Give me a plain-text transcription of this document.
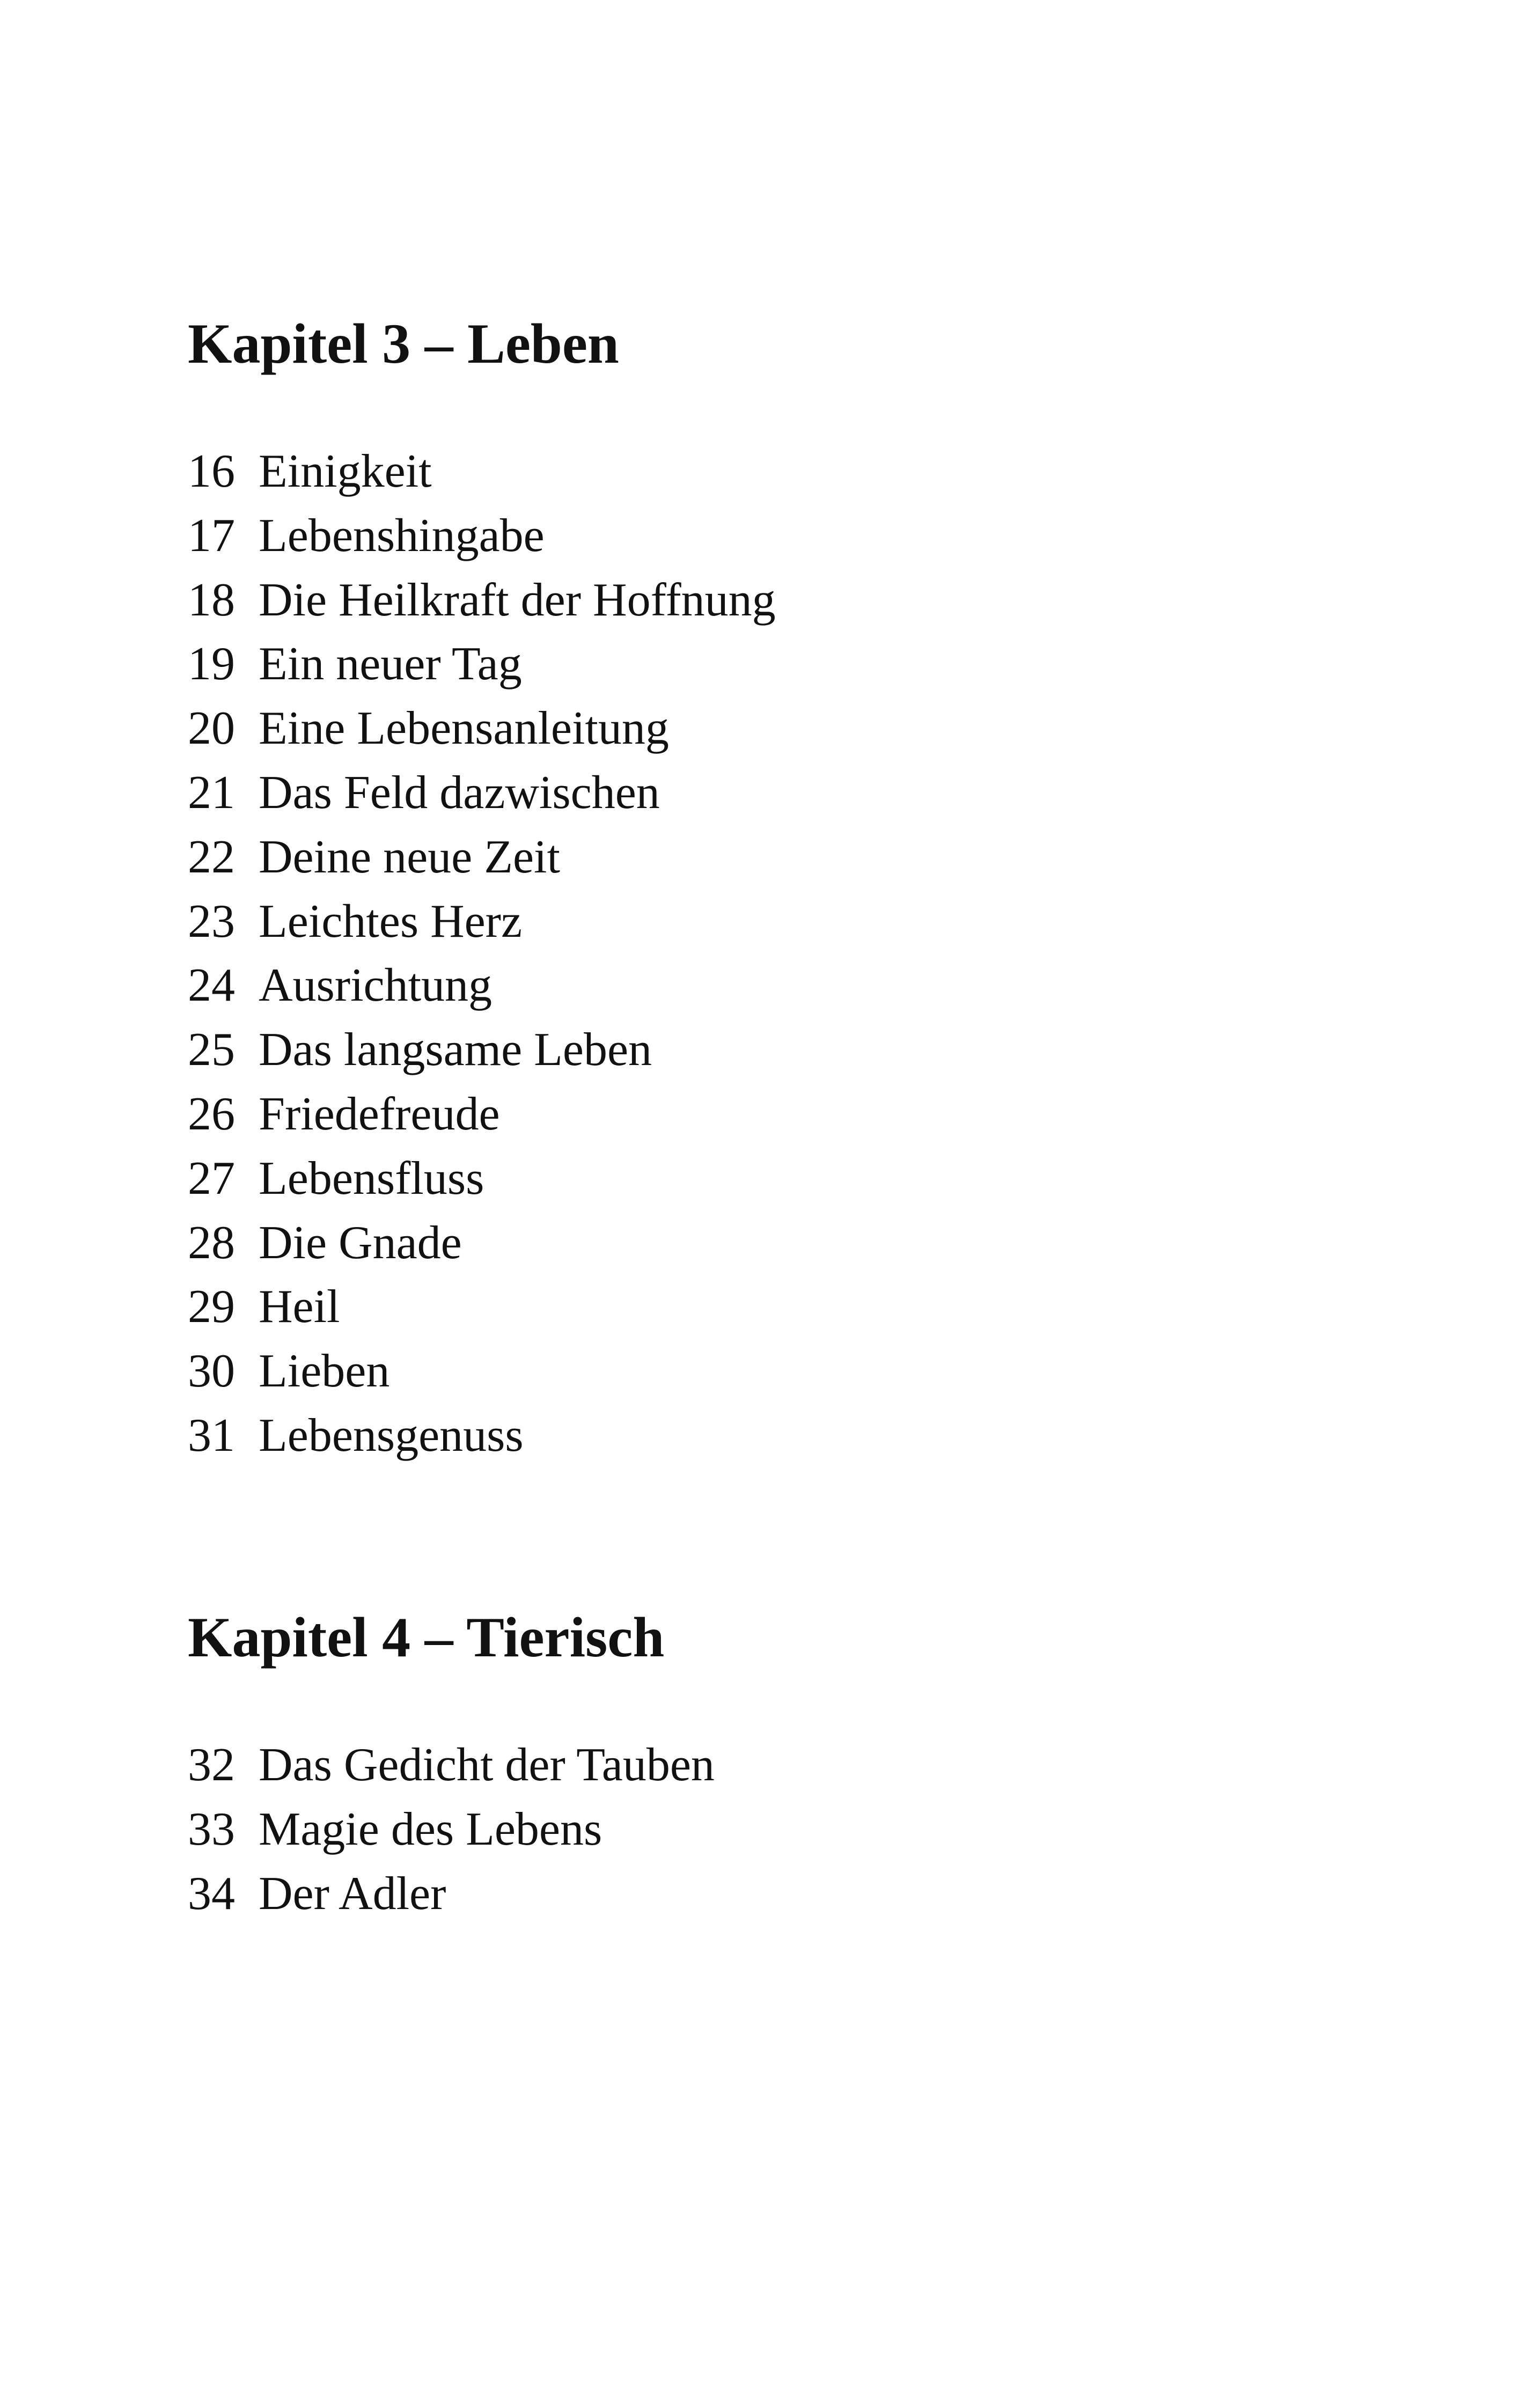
Kapitel 3 – Leben
16 Einigkeit
17 Lebenshingabe
18 Die Heilkraft der Hoffnung
19 Ein neuer Tag
20 Eine Lebensanleitung
21 Das Feld dazwischen
22 Deine neue Zeit
23 Leichtes Herz
24 Ausrichtung
25 Das langsame Leben
26 Friedefreude
27 Lebensfluss
28 Die Gnade
29 Heil
30 Lieben
31 Lebensgenuss
Kapitel 4 – Tierisch
32 Das Gedicht der Tauben
33 Magie des Lebens
34 Der Adler
